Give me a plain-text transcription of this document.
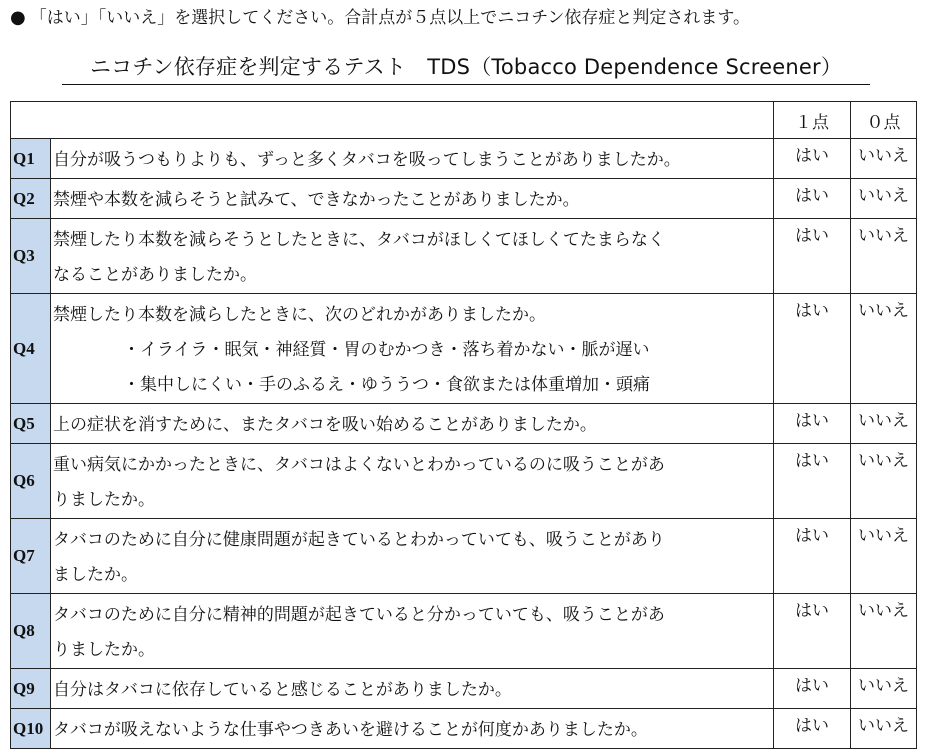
● 「はい」「いいえ」を選択してください。合計点が５点以上でニコチン依存症と判定されます。
ニコチン依存症を判定するテスト　TDS（Tobacco Dependence Screener）
		１点	０点
Q1	自分が吸うつもりよりも、ずっと多くタバコを吸ってしまうことがありましたか。	はい	いいえ
Q2	禁煙や本数を減らそうと試みて、できなかったことがありましたか。	はい	いいえ
Q3	禁煙したり本数を減らそうとしたときに、タバコがほしくてほしくてたまらなく
なることがありましたか。	はい	いいえ
Q4	禁煙したり本数を減らしたときに、次のどれかがありましたか。
・イライラ・眠気・神経質・胃のむかつき・落ち着かない・脈が遅い
・集中しにくい・手のふるえ・ゆううつ・食欲または体重増加・頭痛	はい	いいえ
Q5	上の症状を消すために、またタバコを吸い始めることがありましたか。	はい	いいえ
Q6	重い病気にかかったときに、タバコはよくないとわかっているのに吸うことがあ
りましたか。	はい	いいえ
Q7	タバコのために自分に健康問題が起きているとわかっていても、吸うことがあり
ましたか。	はい	いいえ
Q8	タバコのために自分に精神的問題が起きていると分かっていても、吸うことがあ
りましたか。	はい	いいえ
Q9	自分はタバコに依存していると感じることがありましたか。	はい	いいえ
Q10	タバコが吸えないような仕事やつきあいを避けることが何度かありましたか。	はい	いいえ
